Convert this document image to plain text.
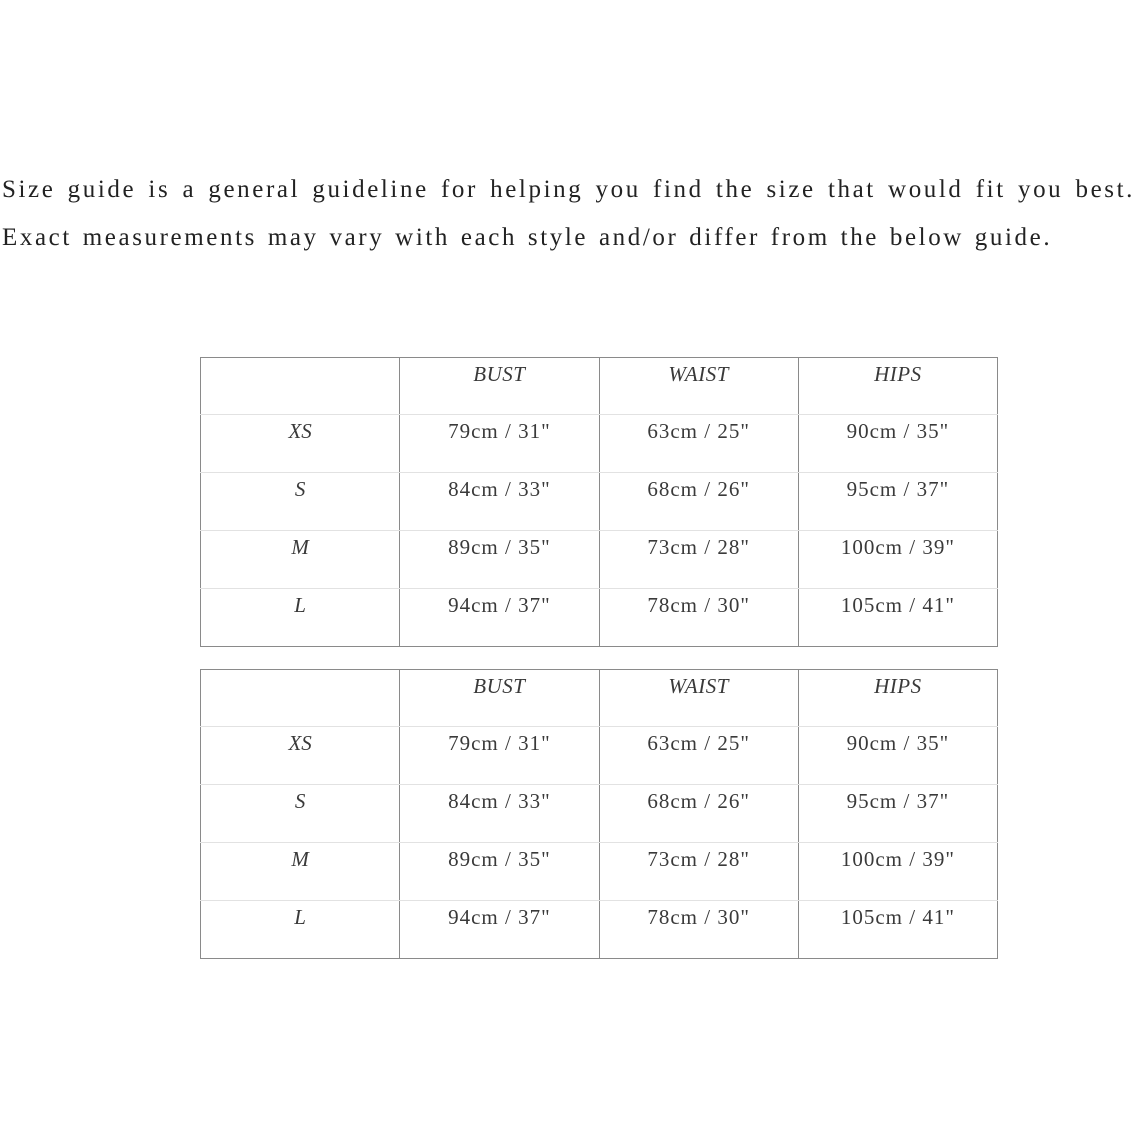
Size guide is a general guideline for helping you find the size that would fit you best. Exact measurements may vary with each style and/or differ from the below guide.

	BUST	WAIST	HIPS
XS	79cm / 31"	63cm / 25"	90cm / 35"
S	84cm / 33"	68cm / 26"	95cm / 37"
M	89cm / 35"	73cm / 28"	100cm / 39"
L	94cm / 37"	78cm / 30"	105cm / 41"
	BUST	WAIST	HIPS
XS	79cm / 31"	63cm / 25"	90cm / 35"
S	84cm / 33"	68cm / 26"	95cm / 37"
M	89cm / 35"	73cm / 28"	100cm / 39"
L	94cm / 37"	78cm / 30"	105cm / 41"
